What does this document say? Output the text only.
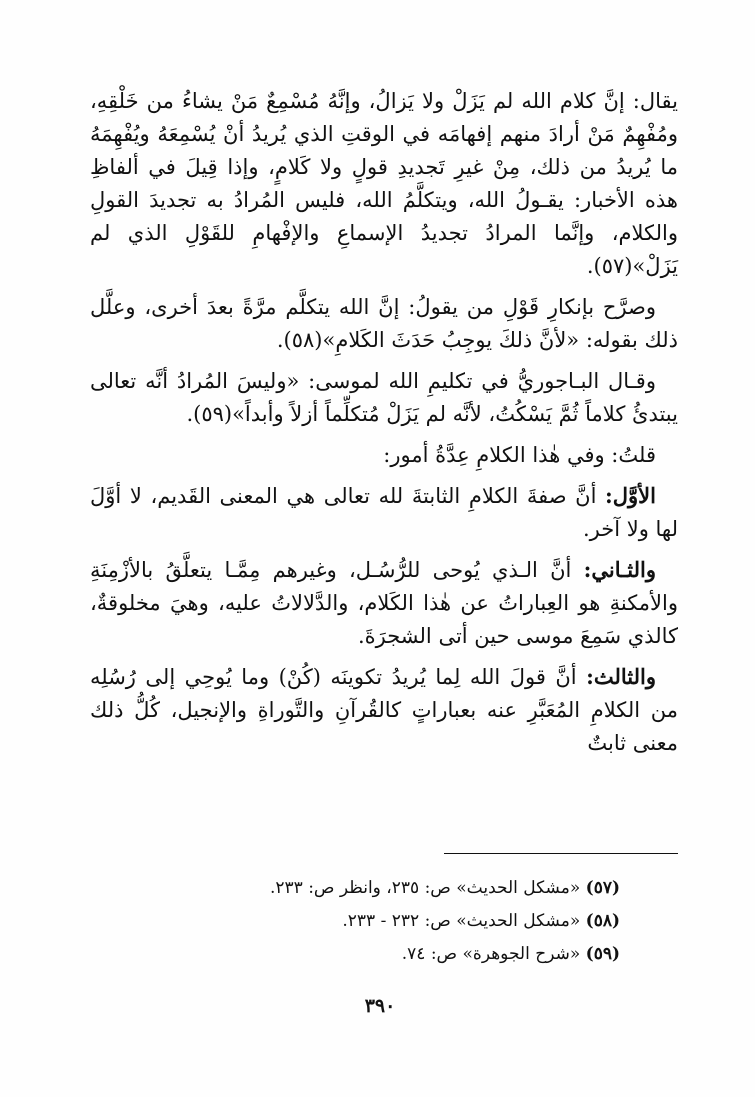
يقال: إنَّ كلام الله لم يَزَلْ ولا يَزالُ، وإنَّهُ مُسْمِعٌ مَنْ يشاءُ من خَلْقِهِ، ومُفْهِمٌ مَنْ أرادَ منهم إفهامَه في الوقتِ الذي يُريدُ أنْ يُسْمِعَهُ ويُفْهِمَهُ ما يُريدُ من ذلك، مِنْ غيرِ تَجديدِ قولٍ ولا كَلامٍ، وإذا قِيلَ في ألفاظِ هذه الأخبار: يقـولُ الله، ويتكلَّمُ الله، فليس المُرادُ به تجديدَ القولِ والكلام، وإنَّما المرادُ تجديدُ الإسماعِ والإفْهامِ للقَوْلِ الذي لم يَزَلْ»(٥٧).

وصرَّح بإنكارِ قَوْلِ من يقولُ: إنَّ الله يتكلَّم مرَّةً بعدَ أخرى، وعلَّل ذلك بقوله: «لأنَّ ذلكَ يوجِبُ حَدَثَ الكَلامِ»(٥٨).

وقـال البـاجوريُّ في تكليمِ الله لموسى: «وليسَ المُرادُ أنَّه تعالى يبتدئُ كلاماً ثُمَّ يَسْكُتُ، لأنَّه لم يَزَلْ مُتكلِّماً أزلاً وأبداً»(٥٩).

قلتُ: وفي هٰذا الكلامِ عِدَّةُ أمور:

الأوَّل: أنَّ صفةَ الكلامِ الثابتةَ لله تعالى هي المعنى القَديم، لا أوَّلَ لها ولا آخر.

والثـاني: أنَّ الـذي يُوحى للرُّسُـل، وغيرهم مِمَّـا يتعلَّقُ بالأزْمِنَةِ والأمكنةِ هو العِباراتُ عن هٰذا الكَلام، والدَّلالاتُ عليه، وهيَ مخلوقةٌ، كالذي سَمِعَ موسى حين أتى الشجرَةَ.

والثالث: أنَّ قولَ الله لِما يُريدُ تكوينَه (كُنْ) وما يُوحِي إلى رُسُلِه من الكلامِ المُعَبَّرِ عنه بعباراتٍ كالقُرآنِ والتَّوراةِ والإنجيل، كُلُّ ذلك معنى ثابتٌ

(٥٧) «مشكل الحديث» ص: ٢٣٥، وانظر ص: ٢٣٣.

(٥٨) «مشكل الحديث» ص: ٢٣٢ - ٢٣٣.

(٥٩) «شرح الجوهرة» ص: ٧٤.

٣٩٠
